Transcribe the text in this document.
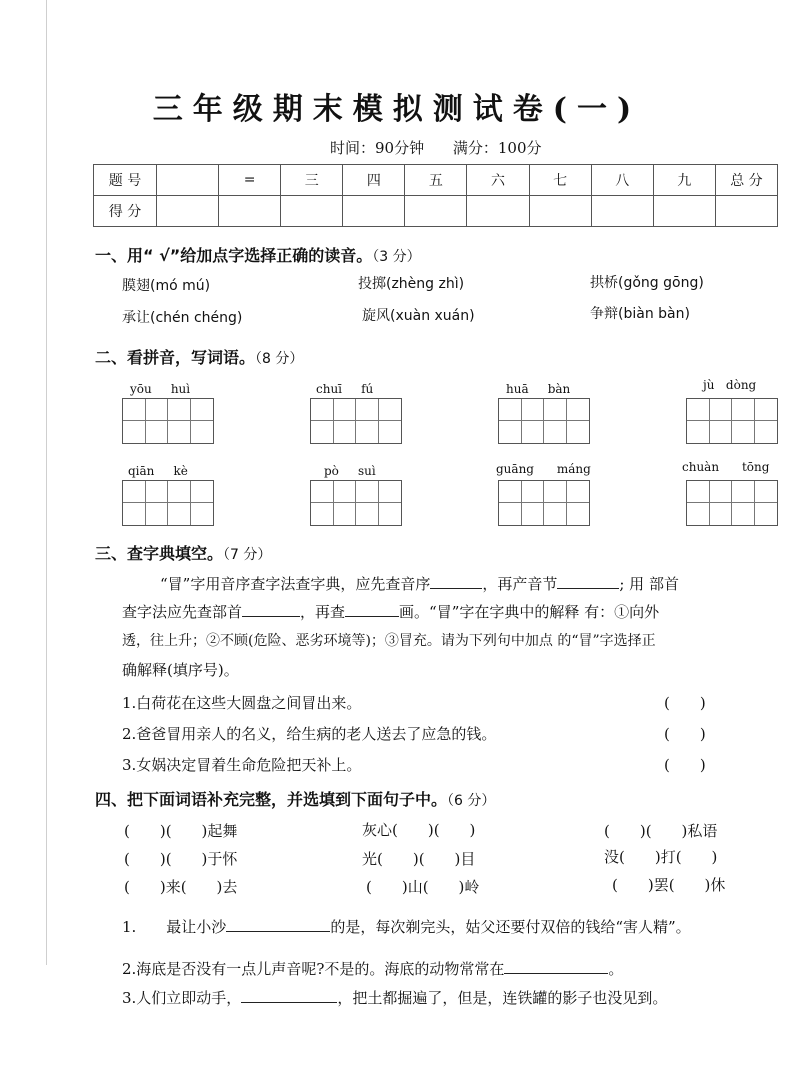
三年级期末模拟测试卷(一)
时间：90分钟 满分：100分
题 号		=	三	四	五	六	七	八	九	总 分
得 分										
一、用“ √”给加点字选择正确的读音。（3 分）
膜翅(mó mú)	投掷(zhèng zhì)	拱桥(gǒng gōng)
承让(chén chéng)	旋风(xuàn xuán)	争辩(biàn bàn)
二、看拼音，写词语。（8 分）
yōu huì	chuī fú	huā bàn	jù dòng
qiān kè	pò suì	guāng máng	chuàn tōng
三、查字典填空。（7 分）
“冒”字用音序查字法查字典，应先查音序	，再产音节	; 用 部首
查字法应先查部首	，再查	画。“冒”字在字典中的解释 有：①向外
透，往上升；②不顾(危险、恶劣环境等)；③冒充。请为下列句中加点 的“冒”字选择正
确解释(填序号)。
1.白荷花在这些大圆盘之间冒出来。	(　　)
2.爸爸冒用亲人的名义，给生病的老人送去了应急的钱。	(　　)
3.女娲决定冒着生命危险把天补上。	(　　)
四、把下面词语补充完整，并选填到下面句子中。（6 分）
(　　)(　　)起舞	灰心(　　)(　　)	(　　)(　　)私语
(　　)(　　)于怀	光(　　)(　　)目	没(　　)打(　　)
(　　)来(　　)去	(　　)山(　　)岭	(　　)罢(　　)休
1.　　最让小沙	的是，每次剃完头，姑父还要付双倍的钱给“害人精”。
2.海底是否没有一点儿声音呢?不是的。海底的动物常常在	。
3.人们立即动手，	，把土都掘遍了，但是，连铁罐的影子也没见到。
